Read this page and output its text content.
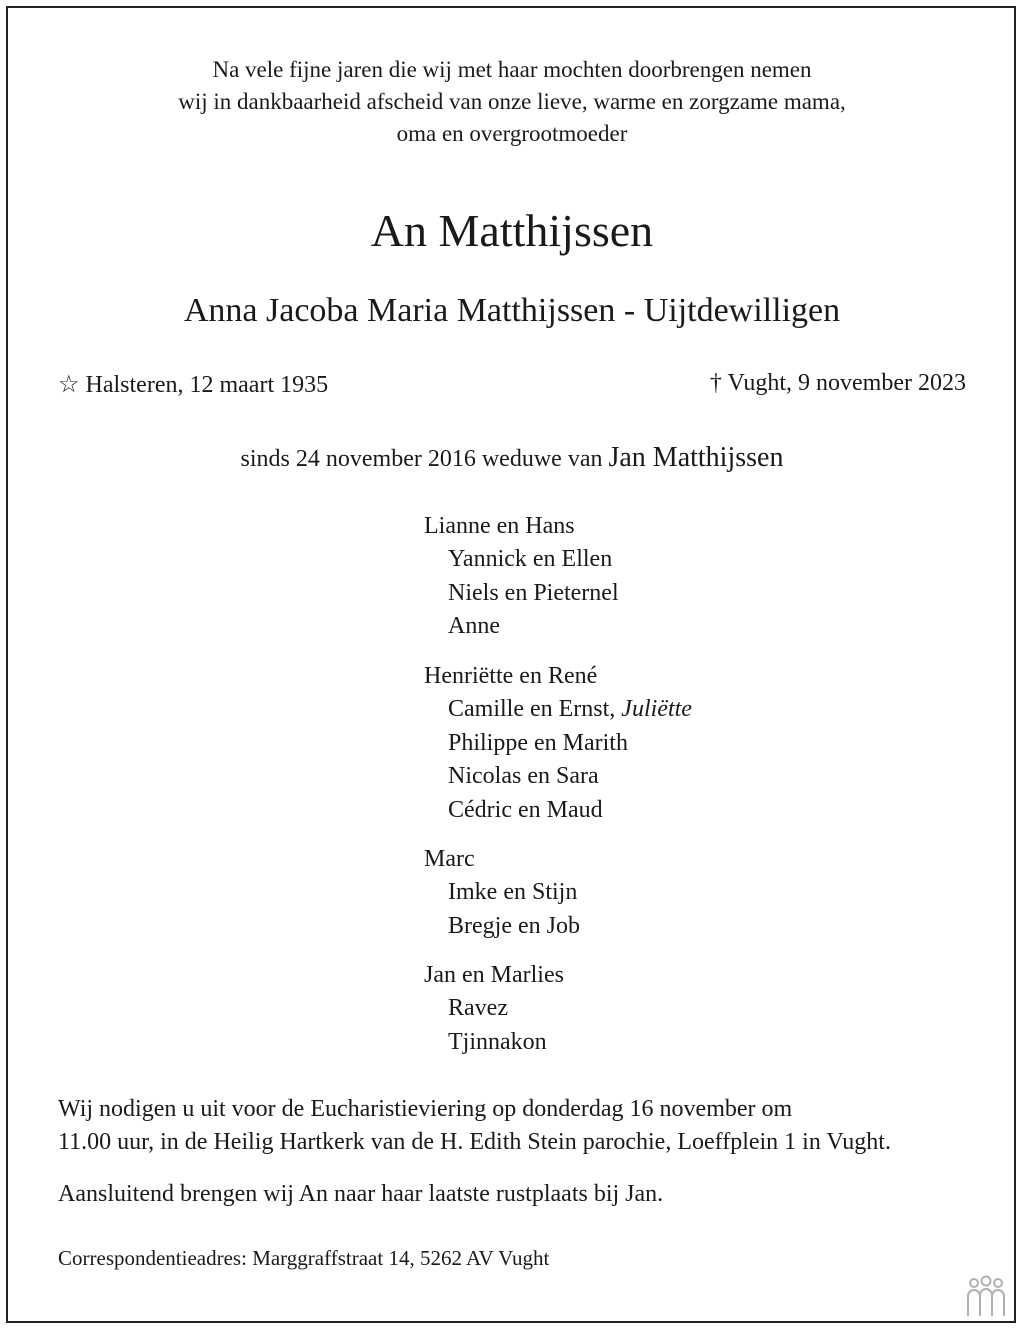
Na vele fijne jaren die wij met haar mochten doorbrengen nemen
wij in dankbaarheid afscheid van onze lieve, warme en zorgzame mama,
oma en overgrootmoeder
An Matthijssen
Anna Jacoba Maria Matthijssen - Uijtdewilligen
☆ Halsteren, 12 maart 1935	† Vught, 9 november 2023
sinds 24 november 2016 weduwe van Jan Matthijssen
Lianne en Hans
Yannick en Ellen
Niels en Pieternel
Anne
Henriëtte en René
Camille en Ernst, Juliëtte
Philippe en Marith
Nicolas en Sara
Cédric en Maud
Marc
Imke en Stijn
Bregje en Job
Jan en Marlies
Ravez
Tjinnakon
Wij nodigen u uit voor de Eucharistieviering op donderdag 16 november om
11.00 uur, in de Heilig Hartkerk van de H. Edith Stein parochie, Loeffplein 1 in Vught.
Aansluitend brengen wij An naar haar laatste rustplaats bij Jan.
Correspondentieadres: Marggraffstraat 14, 5262 AV Vught
